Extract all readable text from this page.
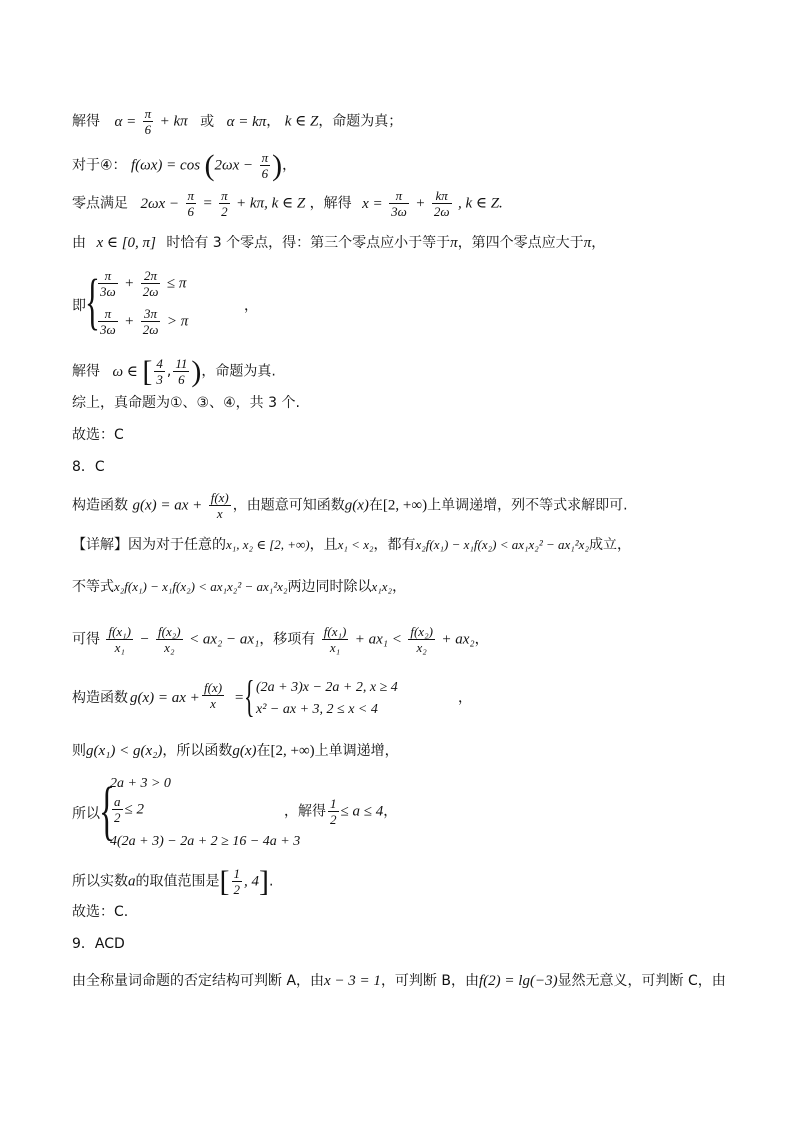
解得 $\alpha = \frac{\pi}{6} + k\pi$ 或 α = kπ， k ∈ Z，命题为真；
对于④： $f(\omega x) = \cos (2\omega x - \frac{\pi}{6}$ )，
零点满足 $2\omega x - \frac{\pi}{6} = \frac{\pi}{2} + k\pi$, k ∈ Z ，解得 $x = \frac{\pi}{3\omega} + \frac{k\pi}{2\omega}$ , k ∈ Z.
由 x ∈ [0, π] 时恰有 3 个零点，得：第三个零点应小于等于π，第四个零点应大于π，
即 {
$\frac{\pi}{3\omega} + \frac{2\pi}{2\omega} \le \pi$
$\frac{\pi}{3\omega} + \frac{3\pi}{2\omega} > \pi$
，
解得 ω ∈ [ $\frac{4}{3}$ , $\frac{11}{6}$ )，命题为真.
综上，真命题为①、③、④，共 3 个.
故选：C
8．C
构造函数 g(x) = ax + $\frac{f(x)}{x}$ ，由题意可知函数g(x)在[2, +∞)上单调递增，列不等式求解即可.
【详解】因为对于任意的x₁, x₂ ∈ [2, +∞)，且x₁ < x₂，都有x₂f(x₁) − x₁f(x₂) < ax₁x₂² − ax₁²x₂成立，
不等式x₂f(x₁) − x₁f(x₂) < ax₁x₂² − ax₁²x₂两边同时除以x₁x₂，
可得 $\frac{\text{f(x₁)}}{\text{x₁}} - \frac{\text{f(x₂)}}{\text{x₂}} < ax_2 - ax_1$，移项有 $\frac{\text{f(x₁)}}{\text{x₁}} + ax_1 < \frac{\text{f(x₂)}}{\text{x₂}} + ax_2$，
构造函数 g(x) = ax + $\frac{f(x)}{x}$ = { (2a + 3)x − 2a + 2, x ≥ 4
x² − ax + 3, 2 ≤ x < 4
，
则g(x₁) < g(x₂)，所以函数g(x)在[2, +∞)上单调递增，
所以 {
2a + 3 > 0
$\frac{a}{2} \le 2$
4(2a + 3) − 2a + 2 ≥ 16 − 4a + 3
，解得 $\frac{1}{2} \le a \le 4$，
所以实数a的取值范围是[ $\frac{1}{2}$ , 4].
故选：C.
9．ACD
由全称量词命题的否定结构可判断 A，由x − 3 = 1，可判断 B，由f(2) = lg(−3)显然无意义，可判断 C，由
